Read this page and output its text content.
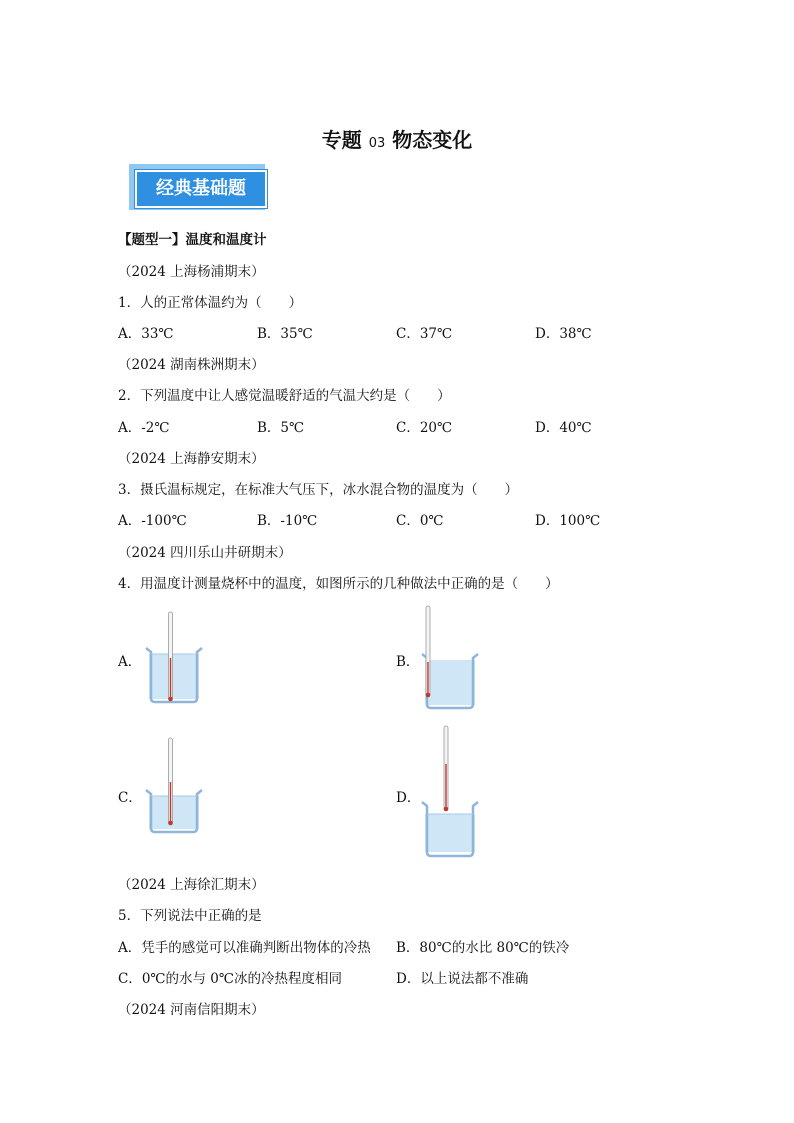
专题 03 物态变化
经典基础题
【题型一】温度和温度计
（2024 上海杨浦期末）
1．人的正常体温约为（　　）
A．33℃	B．35℃	C．37℃	D．38℃
（2024 湖南株洲期末）
2．下列温度中让人感觉温暖舒适的气温大约是（　　）
A．-2℃	B．5℃	C．20℃	D．40℃
（2024 上海静安期末）
3．摄氏温标规定，在标准大气压下，冰水混合物的温度为（　　）
A．-100℃	B．-10℃	C．0℃	D．100℃
（2024 四川乐山井研期末）
4．用温度计测量烧杯中的温度，如图所示的几种做法中正确的是（　　）
A．	B．
C．	D．
（2024 上海徐汇期末）
5．下列说法中正确的是
A．凭手的感觉可以准确判断出物体的冷热 B．80℃的水比 80℃的铁冷
C．0℃的水与 0℃冰的冷热程度相同	D．以上说法都不准确
（2024 河南信阳期末）
